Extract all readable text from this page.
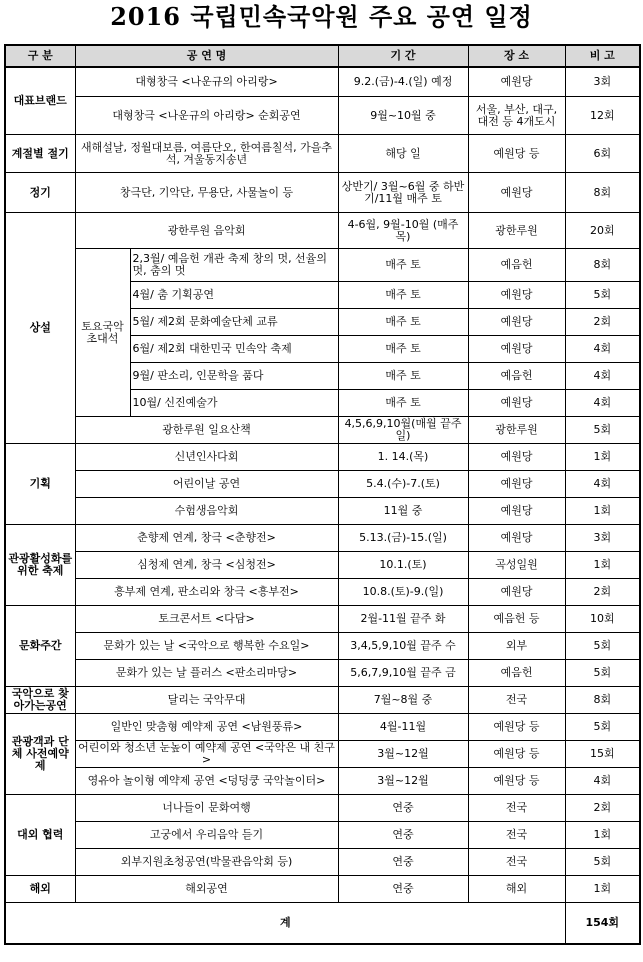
2016 국립민속국악원 주요 공연 일정
구 분	공 연 명		기 간	장 소	비 고
대표브랜드	대형창극 <나운규의 아리랑>		9.2.(금)-4.(일) 예정	예원당	3회
	대형창극 <나운규의 아리랑> 순회공연		9월~10월 중	서울, 부산, 대구, 대전 등 4개도시	12회
계절별 절기	새해설날, 정월대보름, 여름단오, 한여름칠석, 가을추석, 겨울동지송년		해당 일	예원당 등	6회
정기	창극단, 기악단, 무용단, 사물놀이 등		상반기/ 3월~6월 중 하반기/11월 매주 토	예원당	8회
상설	광한루원 음악회		4-6월, 9월-10월 (매주 목)	광한루원	20회
	토요국악 초대석	2,3월/ 예음헌 개관 축제 창의 멋, 선율의 멋, 춤의 멋	매주 토	예음헌	8회
		4월/ 춤 기획공연	매주 토	예원당	5회
		5월/ 제2회 문화예술단체 교류	매주 토	예원당	2회
		6월/ 제2회 대한민국 민속악 축제	매주 토	예원당	4회
		9월/ 판소리, 인문학을 품다	매주 토	예음헌	4회
		10월/ 신진예술가	매주 토	예원당	4회
	광한루원 일요산책		4,5,6,9,10월(매월 끝주 일)	광한루원	5회
기획	신년인사다회		1. 14.(목)	예원당	1회
	어린이날 공연		5.4.(수)-7.(토)	예원당	4회
	수험생음악회		11월 중	예원당	1회
관광활성화를 위한 축제	춘향제 연계, 창극 <춘향전>		5.13.(금)-15.(일)	예원당	3회
	심청제 연계, 창극 <심청전>		10.1.(토)	곡성일원	1회
	흥부제 연계, 판소리와 창극 <흥부전>		10.8.(토)-9.(일)	예원당	2회
문화주간	토크콘서트 <다담>		2월-11월 끝주 화	예음헌 등	10회
	문화가 있는 날 <국악으로 행복한 수요일>		3,4,5,9,10월 끝주 수	외부	5회
	문화가 있는 날 플러스 <판소리마당>		5,6,7,9,10월 끝주 금	예음헌	5회
국악으로 찾아가는공연	달리는 국악무대		7월~8월 중	전국	8회
관광객과 단체 사전예약제	일반인 맞춤형 예약제 공연 <남원풍류>		4월-11월	예원당 등	5회
	어린이와 청소년 눈높이 예약제 공연 <국악은 내 친구>		3월~12월	예원당 등	15회
	영유아 놀이형 예약제 공연 <덩덩쿵 국악놀이터>		3월~12월	예원당 등	4회
대외 협력	너나들이 문화여행		연중	전국	2회
	고궁에서 우리음악 듣기		연중	전국	1회
	외부지원초청공연(박물관음악회 등)		연중	전국	5회
해외	해외공연		연중	해외	1회
계					154회
